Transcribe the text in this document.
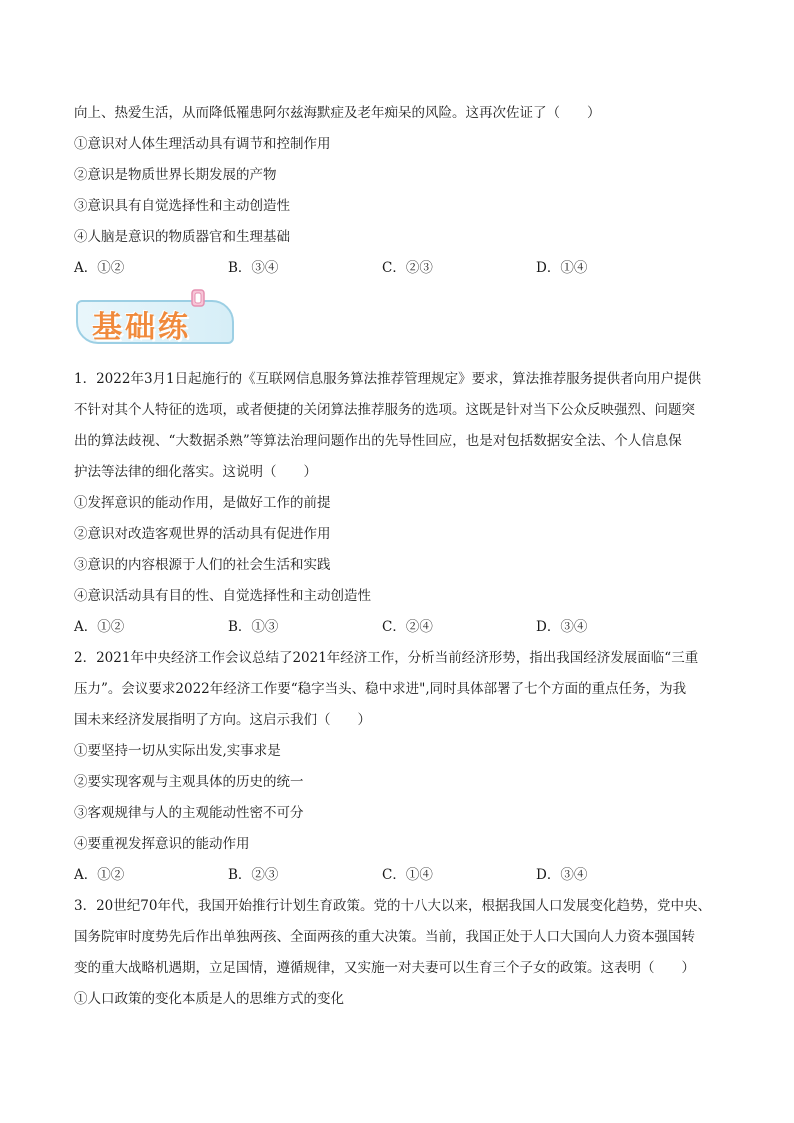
向上、热爱生活，从而降低罹患阿尔兹海默症及老年痴呆的风险。这再次佐证了（　　）
①意识对人体生理活动具有调节和控制作用
②意识是物质世界长期发展的产物
③意识具有自觉选择性和主动创造性
④人脑是意识的物质器官和生理基础
A．①②	B．③④	C．②③	D．①④
基础练
1．2022年3月1日起施行的《互联网信息服务算法推荐管理规定》要求，算法推荐服务提供者向用户提供
不针对其个人特征的选项，或者便捷的关闭算法推荐服务的选项。这既是针对当下公众反映强烈、问题突
出的算法歧视、“大数据杀熟”等算法治理问题作出的先导性回应，也是对包括数据安全法、个人信息保
护法等法律的细化落实。这说明（　　）
①发挥意识的能动作用，是做好工作的前提
②意识对改造客观世界的活动具有促进作用
③意识的内容根源于人们的社会生活和实践
④意识活动具有目的性、自觉选择性和主动创造性
A．①②	B．①③	C．②④	D．③④
2．2021年中央经济工作会议总结了2021年经济工作，分析当前经济形势，指出我国经济发展面临“三重
压力”。会议要求2022年经济工作要“稳字当头、稳中求进",同时具体部署了七个方面的重点任务，为我
国未来经济发展指明了方向。这启示我们（　　）
①要坚持一切从实际出发,实事求是
②要实现客观与主观具体的历史的统一
③客观规律与人的主观能动性密不可分
④要重视发挥意识的能动作用
A．①②	B．②③	C．①④	D．③④
3．20世纪70年代，我国开始推行计划生育政策。党的十八大以来，根据我国人口发展变化趋势，党中央、
国务院审时度势先后作出单独两孩、全面两孩的重大决策。当前，我国正处于人口大国向人力资本强国转
变的重大战略机遇期，立足国情，遵循规律，又实施一对夫妻可以生育三个子女的政策。这表明（　　）
①人口政策的变化本质是人的思维方式的变化
